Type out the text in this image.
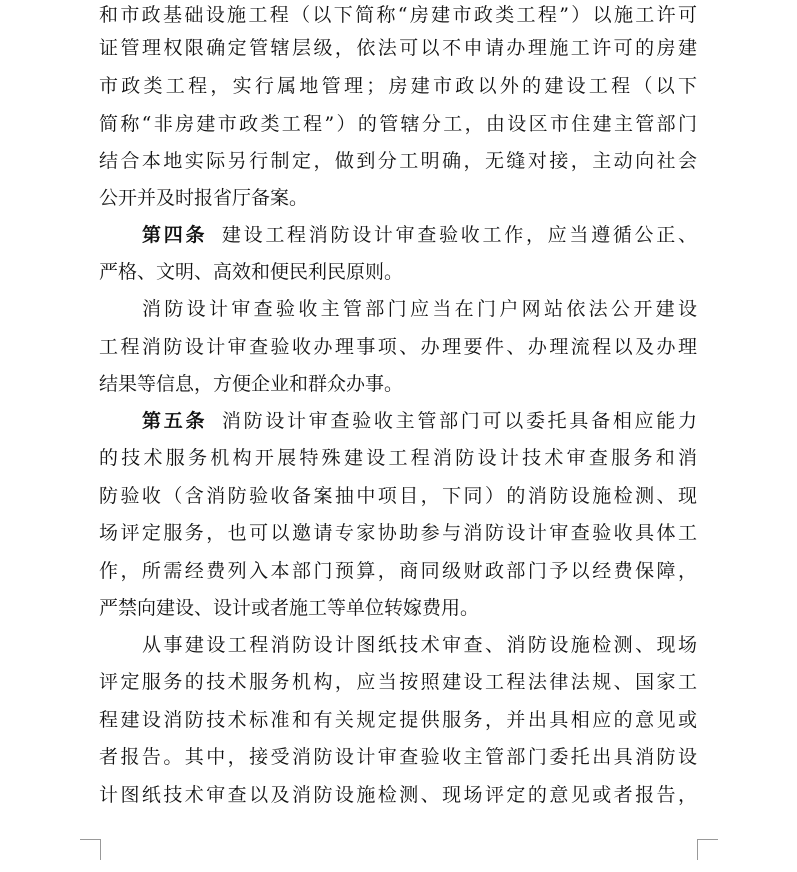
和市政基础设施工程（以下简称“房建市政类工程”）以施工许可
证管理权限确定管辖层级，依法可以不申请办理施工许可的房建
市政类工程，实行属地管理；房建市政以外的建设工程（以下
简称“非房建市政类工程”）的管辖分工，由设区市住建主管部门
结合本地实际另行制定，做到分工明确，无缝对接，主动向社会
公开并及时报省厅备案。
第四条 建设工程消防设计审查验收工作，应当遵循公正、
严格、文明、高效和便民利民原则。
消防设计审查验收主管部门应当在门户网站依法公开建设
工程消防设计审查验收办理事项、办理要件、办理流程以及办理
结果等信息，方便企业和群众办事。
第五条 消防设计审查验收主管部门可以委托具备相应能力
的技术服务机构开展特殊建设工程消防设计技术审查服务和消
防验收（含消防验收备案抽中项目，下同）的消防设施检测、现
场评定服务，也可以邀请专家协助参与消防设计审查验收具体工
作，所需经费列入本部门预算，商同级财政部门予以经费保障，
严禁向建设、设计或者施工等单位转嫁费用。
从事建设工程消防设计图纸技术审查、消防设施检测、现场
评定服务的技术服务机构，应当按照建设工程法律法规、国家工
程建设消防技术标准和有关规定提供服务，并出具相应的意见或
者报告。其中，接受消防设计审查验收主管部门委托出具消防设
计图纸技术审查以及消防设施检测、现场评定的意见或者报告，
